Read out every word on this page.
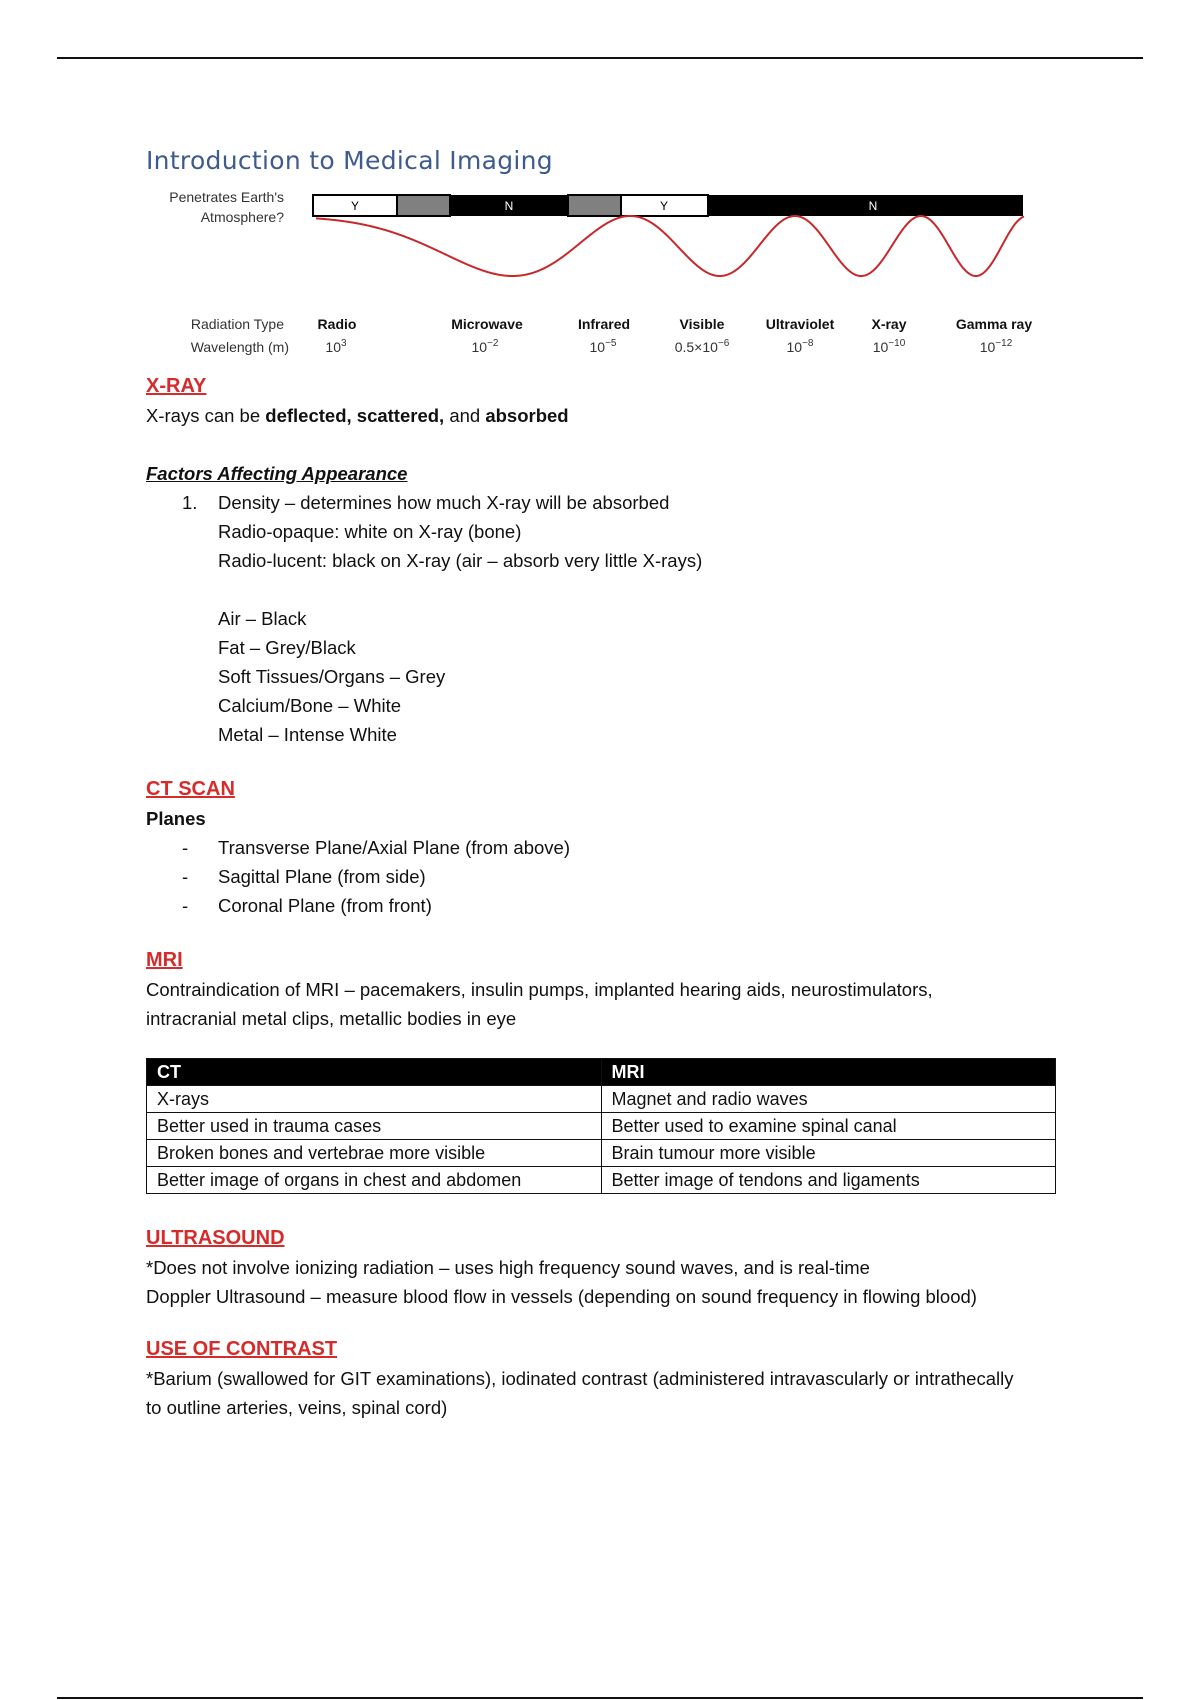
Introduction to Medical Imaging
Penetrates Earth's
Atmosphere?
Y	N	Y	N
Radiation Type
Wavelength (m)
Radio	Microwave	Infrared	Visible	Ultraviolet	X-ray	Gamma ray
$10^3$	$10^{-2}$	$10^{-5}$	$0.5\times 10^{-6}$	$10^{-8}$	$10^{-10}$	$10^{-12}$

X-RAY

X-rays can be deflected, scattered, and absorbed

Factors Affecting Appearance

1. Density – determines how much X-ray will be absorbed

Radio-opaque: white on X-ray (bone)

Radio-lucent: black on X-ray (air – absorb very little X-rays)

Air – Black

Fat – Grey/Black

Soft Tissues/Organs – Grey

Calcium/Bone – White

Metal – Intense White

CT SCAN

Planes

- Transverse Plane/Axial Plane (from above)

- Sagittal Plane (from side)

- Coronal Plane (from front)

MRI

Contraindication of MRI – pacemakers, insulin pumps, implanted hearing aids, neurostimulators, intracranial metal clips, metallic bodies in eye

CT	MRI
X-rays	Magnet and radio waves
Better used in trauma cases	Better used to examine spinal canal
Broken bones and vertebrae more visible	Brain tumour more visible
Better image of organs in chest and abdomen	Better image of tendons and ligaments

ULTRASOUND

*Does not involve ionizing radiation – uses high frequency sound waves, and is real-time

Doppler Ultrasound – measure blood flow in vessels (depending on sound frequency in flowing blood)

USE OF CONTRAST

*Barium (swallowed for GIT examinations), iodinated contrast (administered intravascularly or intrathecally to outline arteries, veins, spinal cord)
